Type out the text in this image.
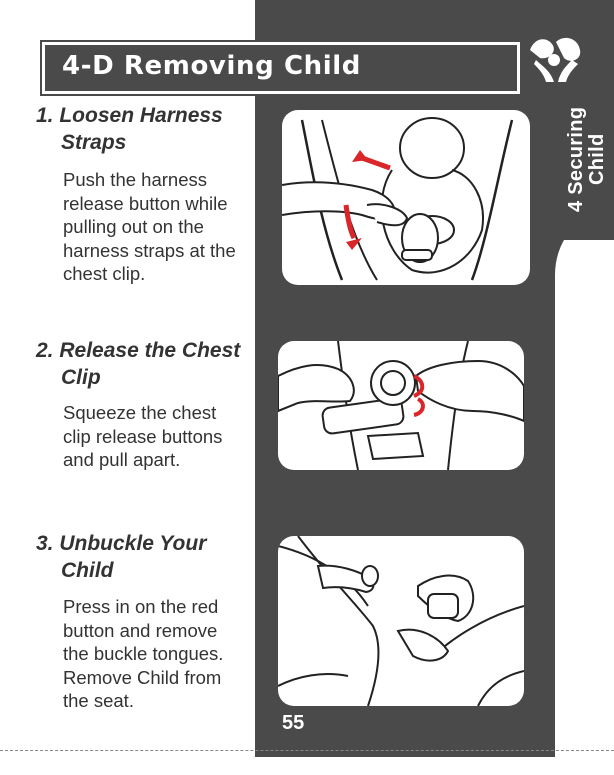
4 Securing
Child
4-D Removing Child
1. Loosen Harness
Straps
Push the harness
release button while
pulling out on the
harness straps at the
chest clip.
2. Release the Chest
Clip
Squeeze the chest
clip release buttons
and pull apart.
3. Unbuckle Your
Child
Press in on the red
button and remove
the buckle tongues.
Remove Child from
the seat.
55
